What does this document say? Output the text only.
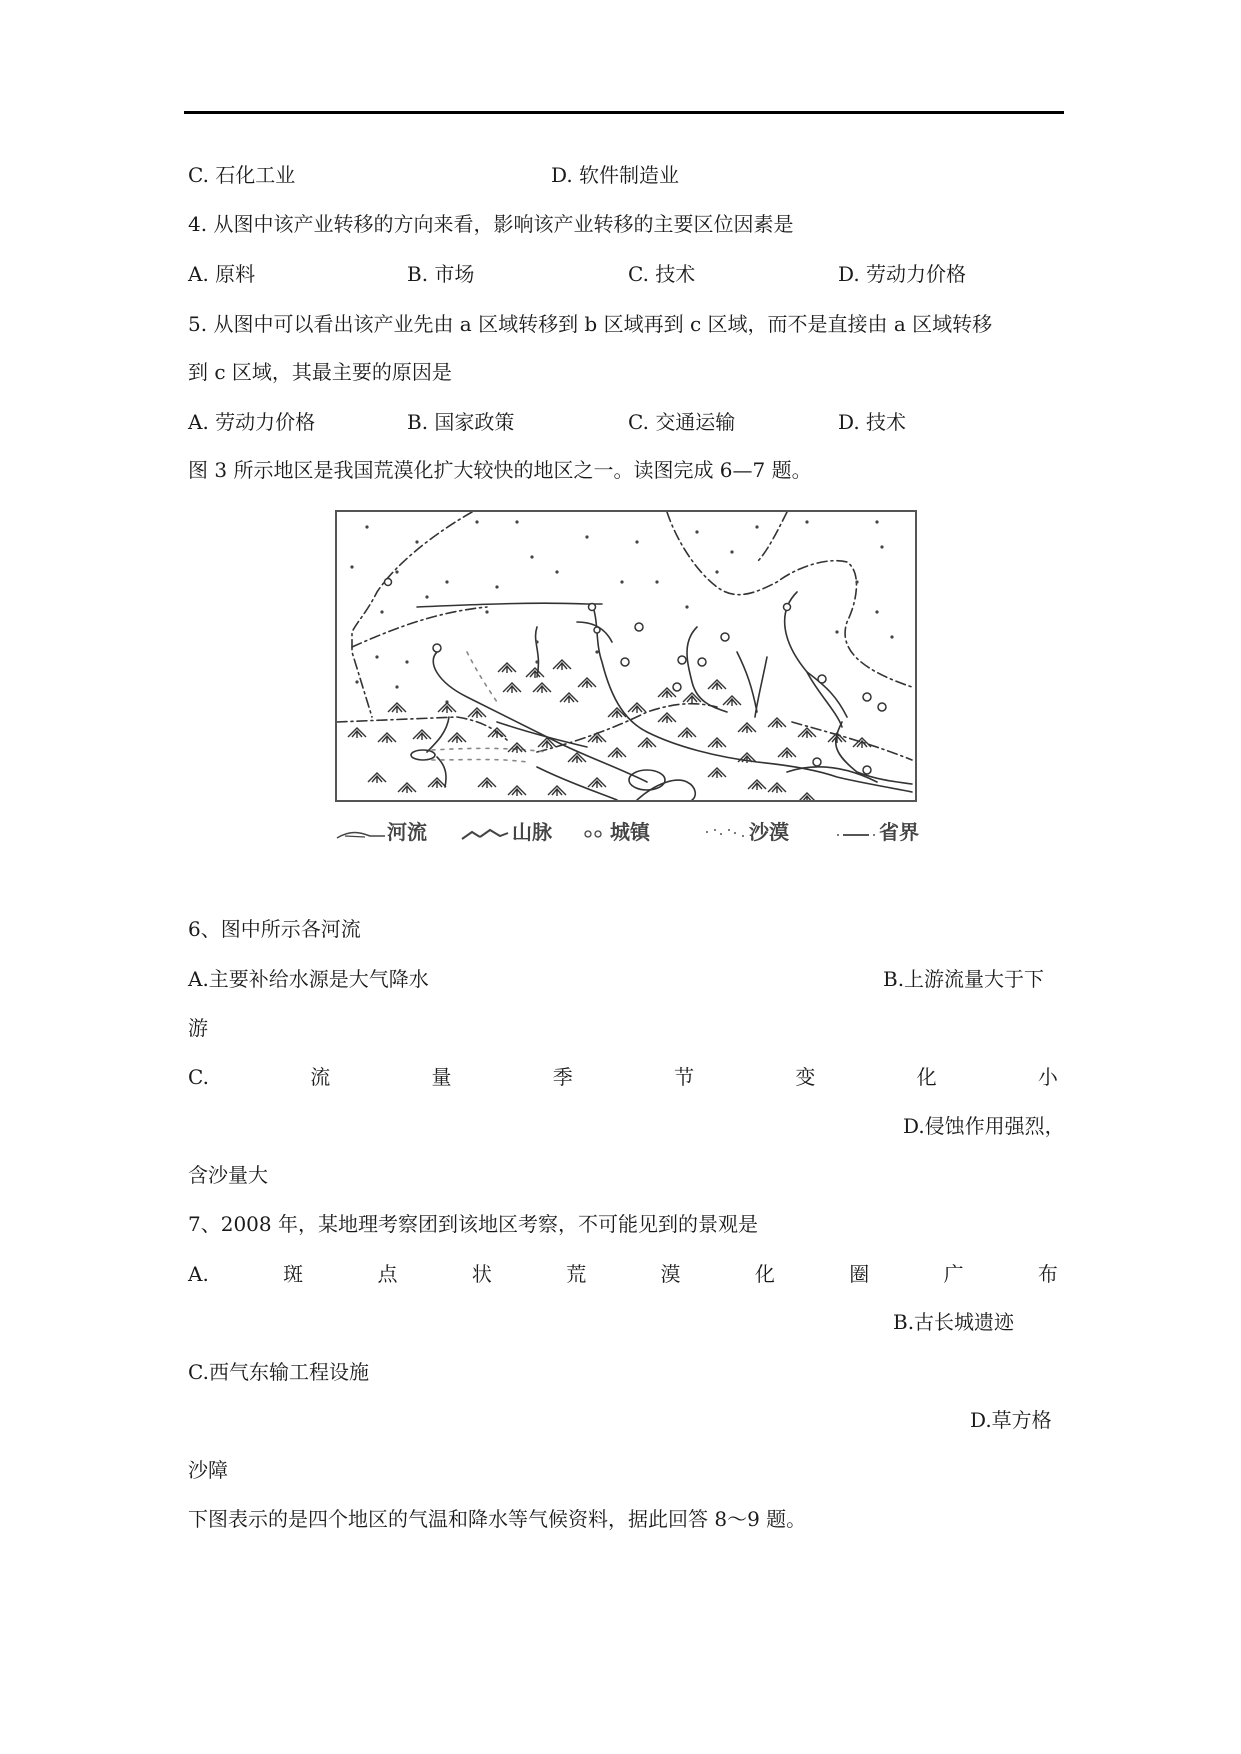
C. 石化工业	D. 软件制造业
4. 从图中该产业转移的方向来看，影响该产业转移的主要区位因素是
A. 原料	B. 市场	C. 技术	D. 劳动力价格
5. 从图中可以看出该产业先由 a 区域转移到 b 区域再到 c 区域，而不是直接由 a 区域转移
到 c 区域，其最主要的原因是
A. 劳动力价格	B. 国家政策	C. 交通运输	D. 技术
图 3 所示地区是我国荒漠化扩大较快的地区之一。读图完成 6—7 题。
河流	山脉	城镇	沙漠	省界
6、图中所示各河流
A.主要补给水源是大气降水	B.上游流量大于下
游
C.	流	量	季	节	变	化	小
D.侵蚀作用强烈，
含沙量大
7、2008 年，某地理考察团到该地区考察，不可能见到的景观是
A.	斑	点	状	荒	漠	化	圈	广	布
B.古长城遗迹
C.西气东输工程设施
D.草方格
沙障
下图表示的是四个地区的气温和降水等气候资料，据此回答 8～9 题。
